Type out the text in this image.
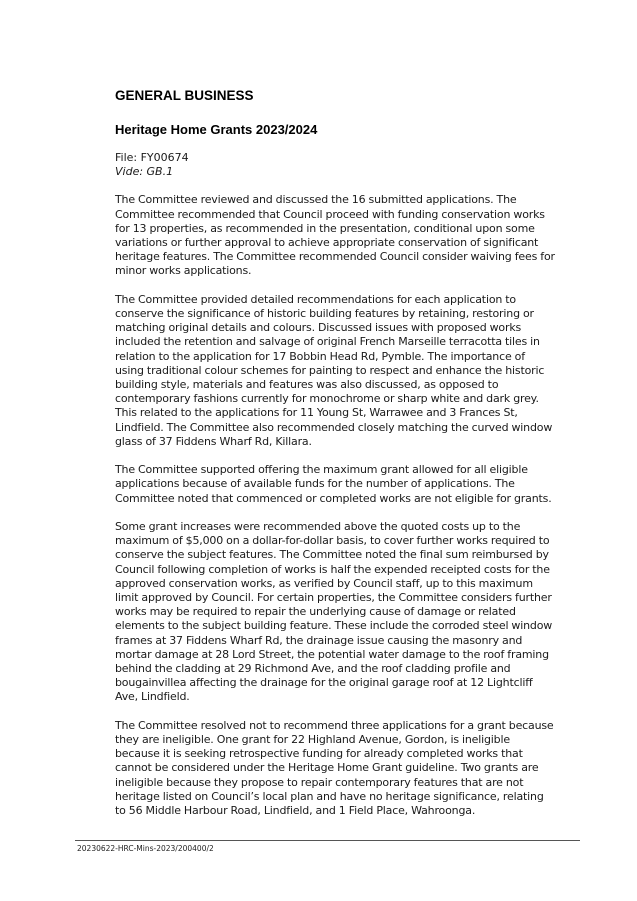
GENERAL BUSINESS
Heritage Home Grants 2023/2024
File: FY00674
Vide: GB.1

The Committee reviewed and discussed the 16 submitted applications. The Committee recommended that Council proceed with funding conservation works for 13 properties, as recommended in the presentation, conditional upon some variations or further approval to achieve appropriate conservation of significant heritage features. The Committee recommended Council consider waiving fees for minor works applications.

The Committee provided detailed recommendations for each application to conserve the significance of historic building features by retaining, restoring or matching original details and colours. Discussed issues with proposed works included the retention and salvage of original French Marseille terracotta tiles in relation to the application for 17 Bobbin Head Rd, Pymble. The importance of using traditional colour schemes for painting to respect and enhance the historic building style, materials and features was also discussed, as opposed to contemporary fashions currently for monochrome or sharp white and dark grey. This related to the applications for 11 Young St, Warrawee and 3 Frances St, Lindfield. The Committee also recommended closely matching the curved window glass of 37 Fiddens Wharf Rd, Killara.

The Committee supported offering the maximum grant allowed for all eligible applications because of available funds for the number of applications. The Committee noted that commenced or completed works are not eligible for grants.

Some grant increases were recommended above the quoted costs up to the maximum of $5,000 on a dollar-for-dollar basis, to cover further works required to conserve the subject features. The Committee noted the final sum reimbursed by Council following completion of works is half the expended receipted costs for the approved conservation works, as verified by Council staff, up to this maximum limit approved by Council. For certain properties, the Committee considers further works may be required to repair the underlying cause of damage or related elements to the subject building feature. These include the corroded steel window frames at 37 Fiddens Wharf Rd, the drainage issue causing the masonry and mortar damage at 28 Lord Street, the potential water damage to the roof framing behind the cladding at 29 Richmond Ave, and the roof cladding profile and bougainvillea affecting the drainage for the original garage roof at 12 Lightcliff Ave, Lindfield.

The Committee resolved not to recommend three applications for a grant because they are ineligible. One grant for 22 Highland Avenue, Gordon, is ineligible because it is seeking retrospective funding for already completed works that cannot be considered under the Heritage Home Grant guideline. Two grants are ineligible because they propose to repair contemporary features that are not heritage listed on Council’s local plan and have no heritage significance, relating to 56 Middle Harbour Road, Lindfield, and 1 Field Place, Wahroonga.

20230622-HRC-Mins-2023/200400/2
